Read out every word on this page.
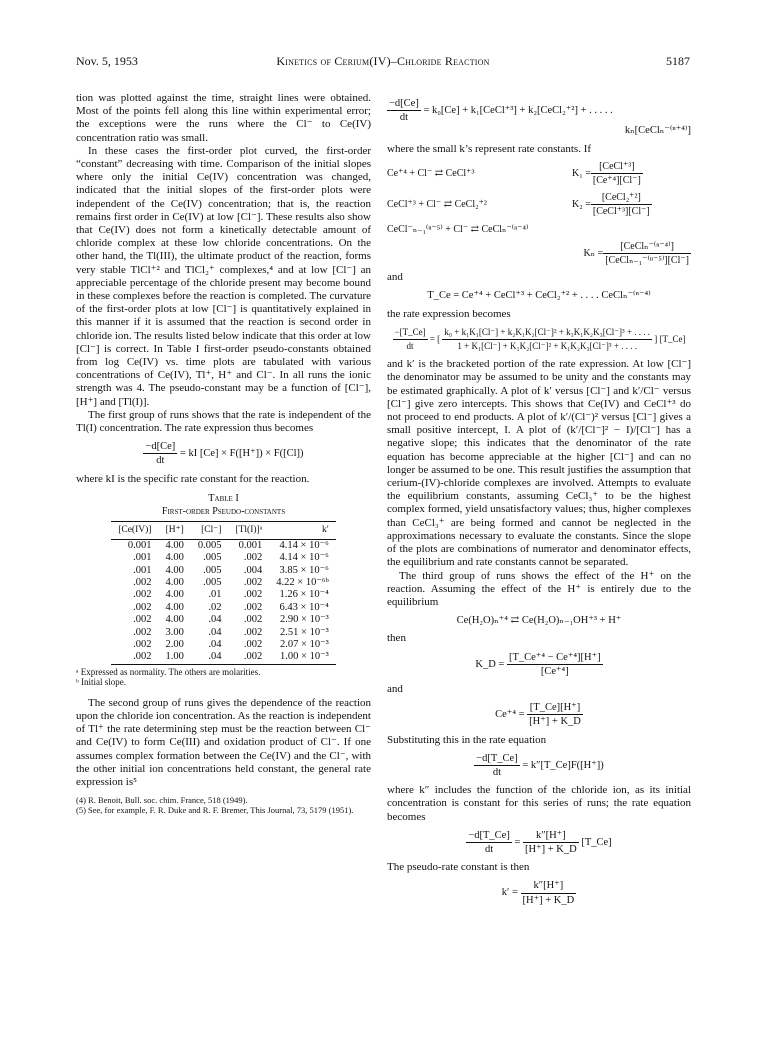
Nov. 5, 1953	Kinetics of Cerium(IV)–Chloride Reaction	5187

tion was plotted against the time, straight lines were obtained. Most of the points fell along this line within experimental error; the exceptions were the runs where the Cl⁻ to Ce(IV) concentration ratio was small.

In these cases the first-order plot curved, the first-order “constant” decreasing with time. Comparison of the initial slopes where only the initial Ce(IV) concentration was changed, indicated that the initial slopes of the first-order plots were independent of the Ce(IV) concentration; that is, the reaction remains first order in Ce(IV) at low [Cl⁻]. These results also show that Ce(IV) does not form a kinetically detectable amount of chloride complex at these low chloride concentrations. On the other hand, the Tl(III), the ultimate product of the reaction, forms very stable TlCl⁺² and TlCl₂⁺ complexes,⁴ and at low [Cl⁻] an appreciable percentage of the chloride present may become bound in these complexes before the reaction is completed. The curvature of the first-order plots at low [Cl⁻] is quantitatively explained in this manner if it is assumed that the reaction is second order in chloride ion. The results listed below indicate that this order at low [Cl⁻] is correct. In Table I first-order pseudo-constants obtained from log Ce(IV) vs. time plots are tabulated with various concentrations of Ce(IV), Tl⁺, H⁺ and Cl⁻. In all runs the ionic strength was 4. The pseudo-constant may be a function of [Cl⁻], [H⁺] and [Tl(I)].

The first group of runs shows that the rate is independent of the Tl(I) concentration. The rate expression thus becomes

$\frac{-d[Ce]}{dt}$ = kI [Ce] × F([H⁺]) × F([Cl])

where kI is the specific rate constant for the reaction.

Table I
First-order Pseudo-constants
[Ce(IV)]	[H⁺]	[Cl⁻]	[Tl(I)]ᵃ	k′
0.001	4.00	0.005	0.001	4.14 × 10⁻⁶
.001	4.00	.005	.002	4.14 × 10⁻⁶
.001	4.00	.005	.004	3.85 × 10⁻⁶
.002	4.00	.005	.002	4.22 × 10⁻⁶ᵇ
.002	4.00	.01	.002	1.26 × 10⁻⁴
.002	4.00	.02	.002	6.43 × 10⁻⁴
.002	4.00	.04	.002	2.90 × 10⁻³
.002	3.00	.04	.002	2.51 × 10⁻³
.002	2.00	.04	.002	2.07 × 10⁻³
.002	1.00	.04	.002	1.00 × 10⁻³
ᵃ Expressed as normality. The others are molarities.
ᵇ Initial slope.

The second group of runs gives the dependence of the reaction upon the chloride ion concentration. As the reaction is independent of Tl⁺ the rate determining step must be the reaction between Cl⁻ and Ce(IV) to form Ce(III) and oxidation product of Cl⁻. If one assumes complex formation between the Ce(IV) and the Cl⁻, with the other initial ion concentrations held constant, the general rate expression is⁵

(4) R. Benoit, Bull. soc. chim. France, 518 (1949).
(5) See, for example, F. R. Duke and R. F. Bremer, This Journal, 73, 5179 (1951).
$\frac{-d[Ce]}{dt} = k_0[Ce]$ + k₁[CeCl⁺³] + k₂[CeCl₂⁺²] + . . . . .
kₙ[CeClₙ⁻⁽ⁿ⁺⁴⁾]

where the small k’s represent rate constants. If

Ce⁺⁴ + Cl⁻ ⇄ CeCl⁺³	$K_1 = \frac{\text{[CeCl⁺³]}}{\text{[Ce⁺⁴][Cl⁻]}}$
CeCl⁺³ + Cl⁻ ⇄ CeCl₂⁺²	$K_2 = \frac{\text{[CeCl₂⁺²]}}{\text{[CeCl⁺³][Cl⁻]}}$
CeCl⁻ₙ₋₁⁽ⁿ⁻⁵⁾ + Cl⁻ ⇄ CeClₙ⁻⁽ⁿ⁻⁴⁾
$K_n = \frac{\text{[CeClₙ⁻⁽ⁿ⁻⁴⁾]}}{\text{[CeClₙ₋₁⁻⁽ⁿ⁻⁵⁾][Cl⁻]}}$

and

T_Ce = Ce⁺⁴ + CeCl⁺³ + CeCl₂⁺² + . . . . CeClₙ⁻⁽ⁿ⁻⁴⁾

the rate expression becomes

$\frac{-[T\_Ce]}{dt}$ = [ $\frac{\text{k₀ + k₁K₁[Cl⁻] + k₂K₁K₂[Cl⁻]² + k₃K₁K₂K₃[Cl⁻]³ + . . . .}}{\text{1 + K₁[Cl⁻] + K₁K₂[Cl⁻]² + K₁K₂K₃[Cl⁻]³ + . . . .}}$ ] [T_Ce]

and k′ is the bracketed portion of the rate expression. At low [Cl⁻] the denominator may be assumed to be unity and the constants may be estimated graphically. A plot of k′ versus [Cl⁻] and k′/Cl⁻ versus [Cl⁻] give zero intercepts. This shows that Ce(IV) and CeCl⁺³ do not proceed to end products. A plot of k′/(Cl⁻)² versus [Cl⁻] gives a small positive intercept, I. A plot of (k′/[Cl⁻]² − I)/[Cl⁻] has a negative slope; this indicates that the denominator of the rate equation has become appreciable at the higher [Cl⁻] and can no longer be assumed to be one. This result justifies the assumption that cerium-(IV)-chloride complexes are involved. Attempts to evaluate the equilibrium constants, assuming CeCl₃⁺ to be the highest complex formed, yield unsatisfactory values; thus, higher complexes than CeCl₃⁺ are being formed and cannot be neglected in the approximations necessary to evaluate the constants. Since the slope of the plots are combinations of numerator and denominator effects, the equilibrium and rate constants cannot be separated.

The third group of runs shows the effect of the H⁺ on the reaction. Assuming the effect of the H⁺ is entirely due to the equilibrium

Ce(H₂O)ₙ⁺⁴ ⇄ Ce(H₂O)ₙ₋₁OH⁺³ + H⁺

then

K_D = $\frac{\text{[T\_Ce⁺⁴ − Ce⁺⁴][H⁺]}}{\text{[Ce⁺⁴]}}$

and

$Ce^{+4} = \frac{[T\_Ce][H^+]}{[H^+] + K\_D}$

Substituting this in the rate equation

$\frac{-d[T\_Ce]}{dt}$ = k″[T_Ce]F([H⁺])

where k″ includes the function of the chloride ion, as its initial concentration is constant for this series of runs; the rate equation becomes

$\frac{-d[T\_Ce]}{dt} = \frac{k''[H^+]}{[H^+] + K\_D}$ [T_Ce]

The pseudo-rate constant is then

$k' = \frac{k''[H^+]}{[H^+] + K\_D}$
